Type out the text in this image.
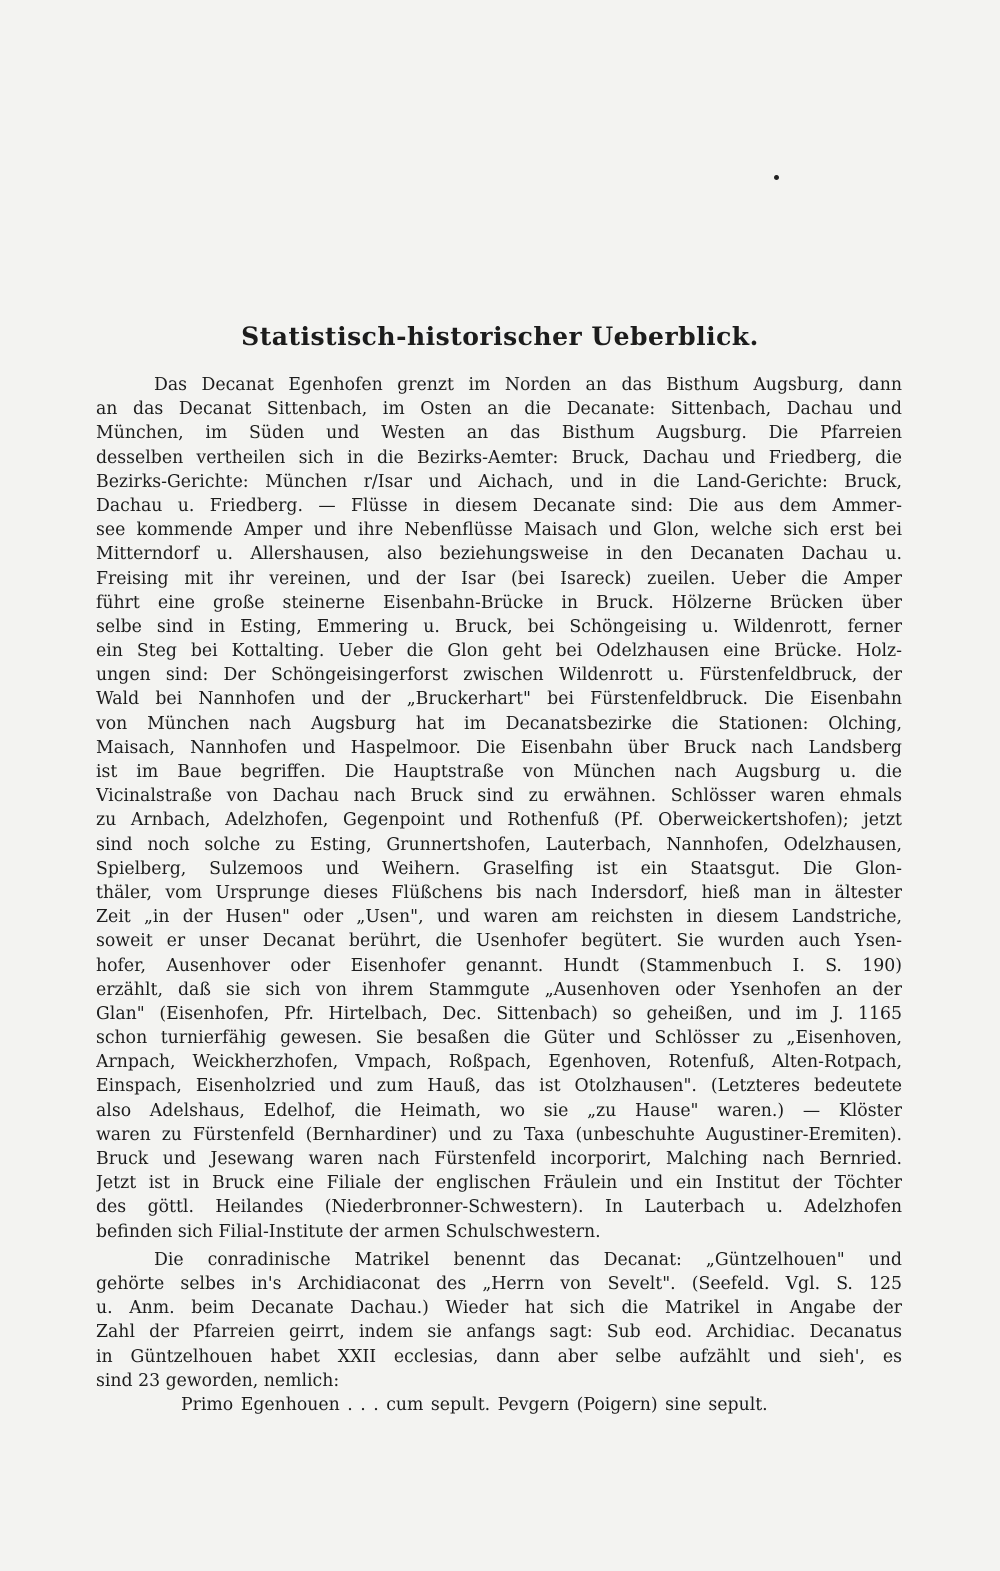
Statistisch-historischer Ueberblick.
Das Decanat Egenhofen grenzt im Norden an das Bisthum Augsburg, dann
an das Decanat Sittenbach, im Osten an die Decanate: Sittenbach, Dachau und
München, im Süden und Westen an das Bisthum Augsburg. Die Pfarreien
desselben vertheilen sich in die Bezirks-Aemter: Bruck, Dachau und Friedberg, die
Bezirks-Gerichte: München r/Isar und Aichach, und in die Land-Gerichte: Bruck,
Dachau u. Friedberg. — Flüsse in diesem Decanate sind: Die aus dem Ammer-
see kommende Amper und ihre Nebenflüsse Maisach und Glon, welche sich erst bei
Mitterndorf u. Allershausen, also beziehungsweise in den Decanaten Dachau u.
Freising mit ihr vereinen, und der Isar (bei Isareck) zueilen. Ueber die Amper
führt eine große steinerne Eisenbahn-Brücke in Bruck. Hölzerne Brücken über
selbe sind in Esting, Emmering u. Bruck, bei Schöngeising u. Wildenrott, ferner
ein Steg bei Kottalting. Ueber die Glon geht bei Odelzhausen eine Brücke. Holz-
ungen sind: Der Schöngeisingerforst zwischen Wildenrott u. Fürstenfeldbruck, der
Wald bei Nannhofen und der „Bruckerhart" bei Fürstenfeldbruck. Die Eisenbahn
von München nach Augsburg hat im Decanatsbezirke die Stationen: Olching,
Maisach, Nannhofen und Haspelmoor. Die Eisenbahn über Bruck nach Landsberg
ist im Baue begriffen. Die Hauptstraße von München nach Augsburg u. die
Vicinalstraße von Dachau nach Bruck sind zu erwähnen. Schlösser waren ehmals
zu Arnbach, Adelzhofen, Gegenpoint und Rothenfuß (Pf. Oberweickertshofen); jetzt
sind noch solche zu Esting, Grunnertshofen, Lauterbach, Nannhofen, Odelzhausen,
Spielberg, Sulzemoos und Weihern. Graselfing ist ein Staatsgut. Die Glon-
thäler, vom Ursprunge dieses Flüßchens bis nach Indersdorf, hieß man in ältester
Zeit „in der Husen" oder „Usen", und waren am reichsten in diesem Landstriche,
soweit er unser Decanat berührt, die Usenhofer begütert. Sie wurden auch Ysen-
hofer, Ausenhover oder Eisenhofer genannt. Hundt (Stammenbuch I. S. 190)
erzählt, daß sie sich von ihrem Stammgute „Ausenhoven oder Ysenhofen an der
Glan" (Eisenhofen, Pfr. Hirtelbach, Dec. Sittenbach) so geheißen, und im J. 1165
schon turnierfähig gewesen. Sie besaßen die Güter und Schlösser zu „Eisenhoven,
Arnpach, Weickherzhofen, Vmpach, Roßpach, Egenhoven, Rotenfuß, Alten-Rotpach,
Einspach, Eisenholzried und zum Hauß, das ist Otolzhausen". (Letzteres bedeutete
also Adelshaus, Edelhof, die Heimath, wo sie „zu Hause" waren.) — Klöster
waren zu Fürstenfeld (Bernhardiner) und zu Taxa (unbeschuhte Augustiner-Eremiten).
Bruck und Jesewang waren nach Fürstenfeld incorporirt, Malching nach Bernried.
Jetzt ist in Bruck eine Filiale der englischen Fräulein und ein Institut der Töchter
des göttl. Heilandes (Niederbronner-Schwestern). In Lauterbach u. Adelzhofen
befinden sich Filial-Institute der armen Schulschwestern.
Die conradinische Matrikel benennt das Decanat: „Güntzelhouen" und
gehörte selbes in's Archidiaconat des „Herrn von Sevelt". (Seefeld. Vgl. S. 125
u. Anm. beim Decanate Dachau.) Wieder hat sich die Matrikel in Angabe der
Zahl der Pfarreien geirrt, indem sie anfangs sagt: Sub eod. Archidiac. Decanatus
in Güntzelhouen habet XXII ecclesias, dann aber selbe aufzählt und sieh', es
sind 23 geworden, nemlich:
Primo Egenhouen . . . cum sepult. Pevgern (Poigern) sine sepult.
